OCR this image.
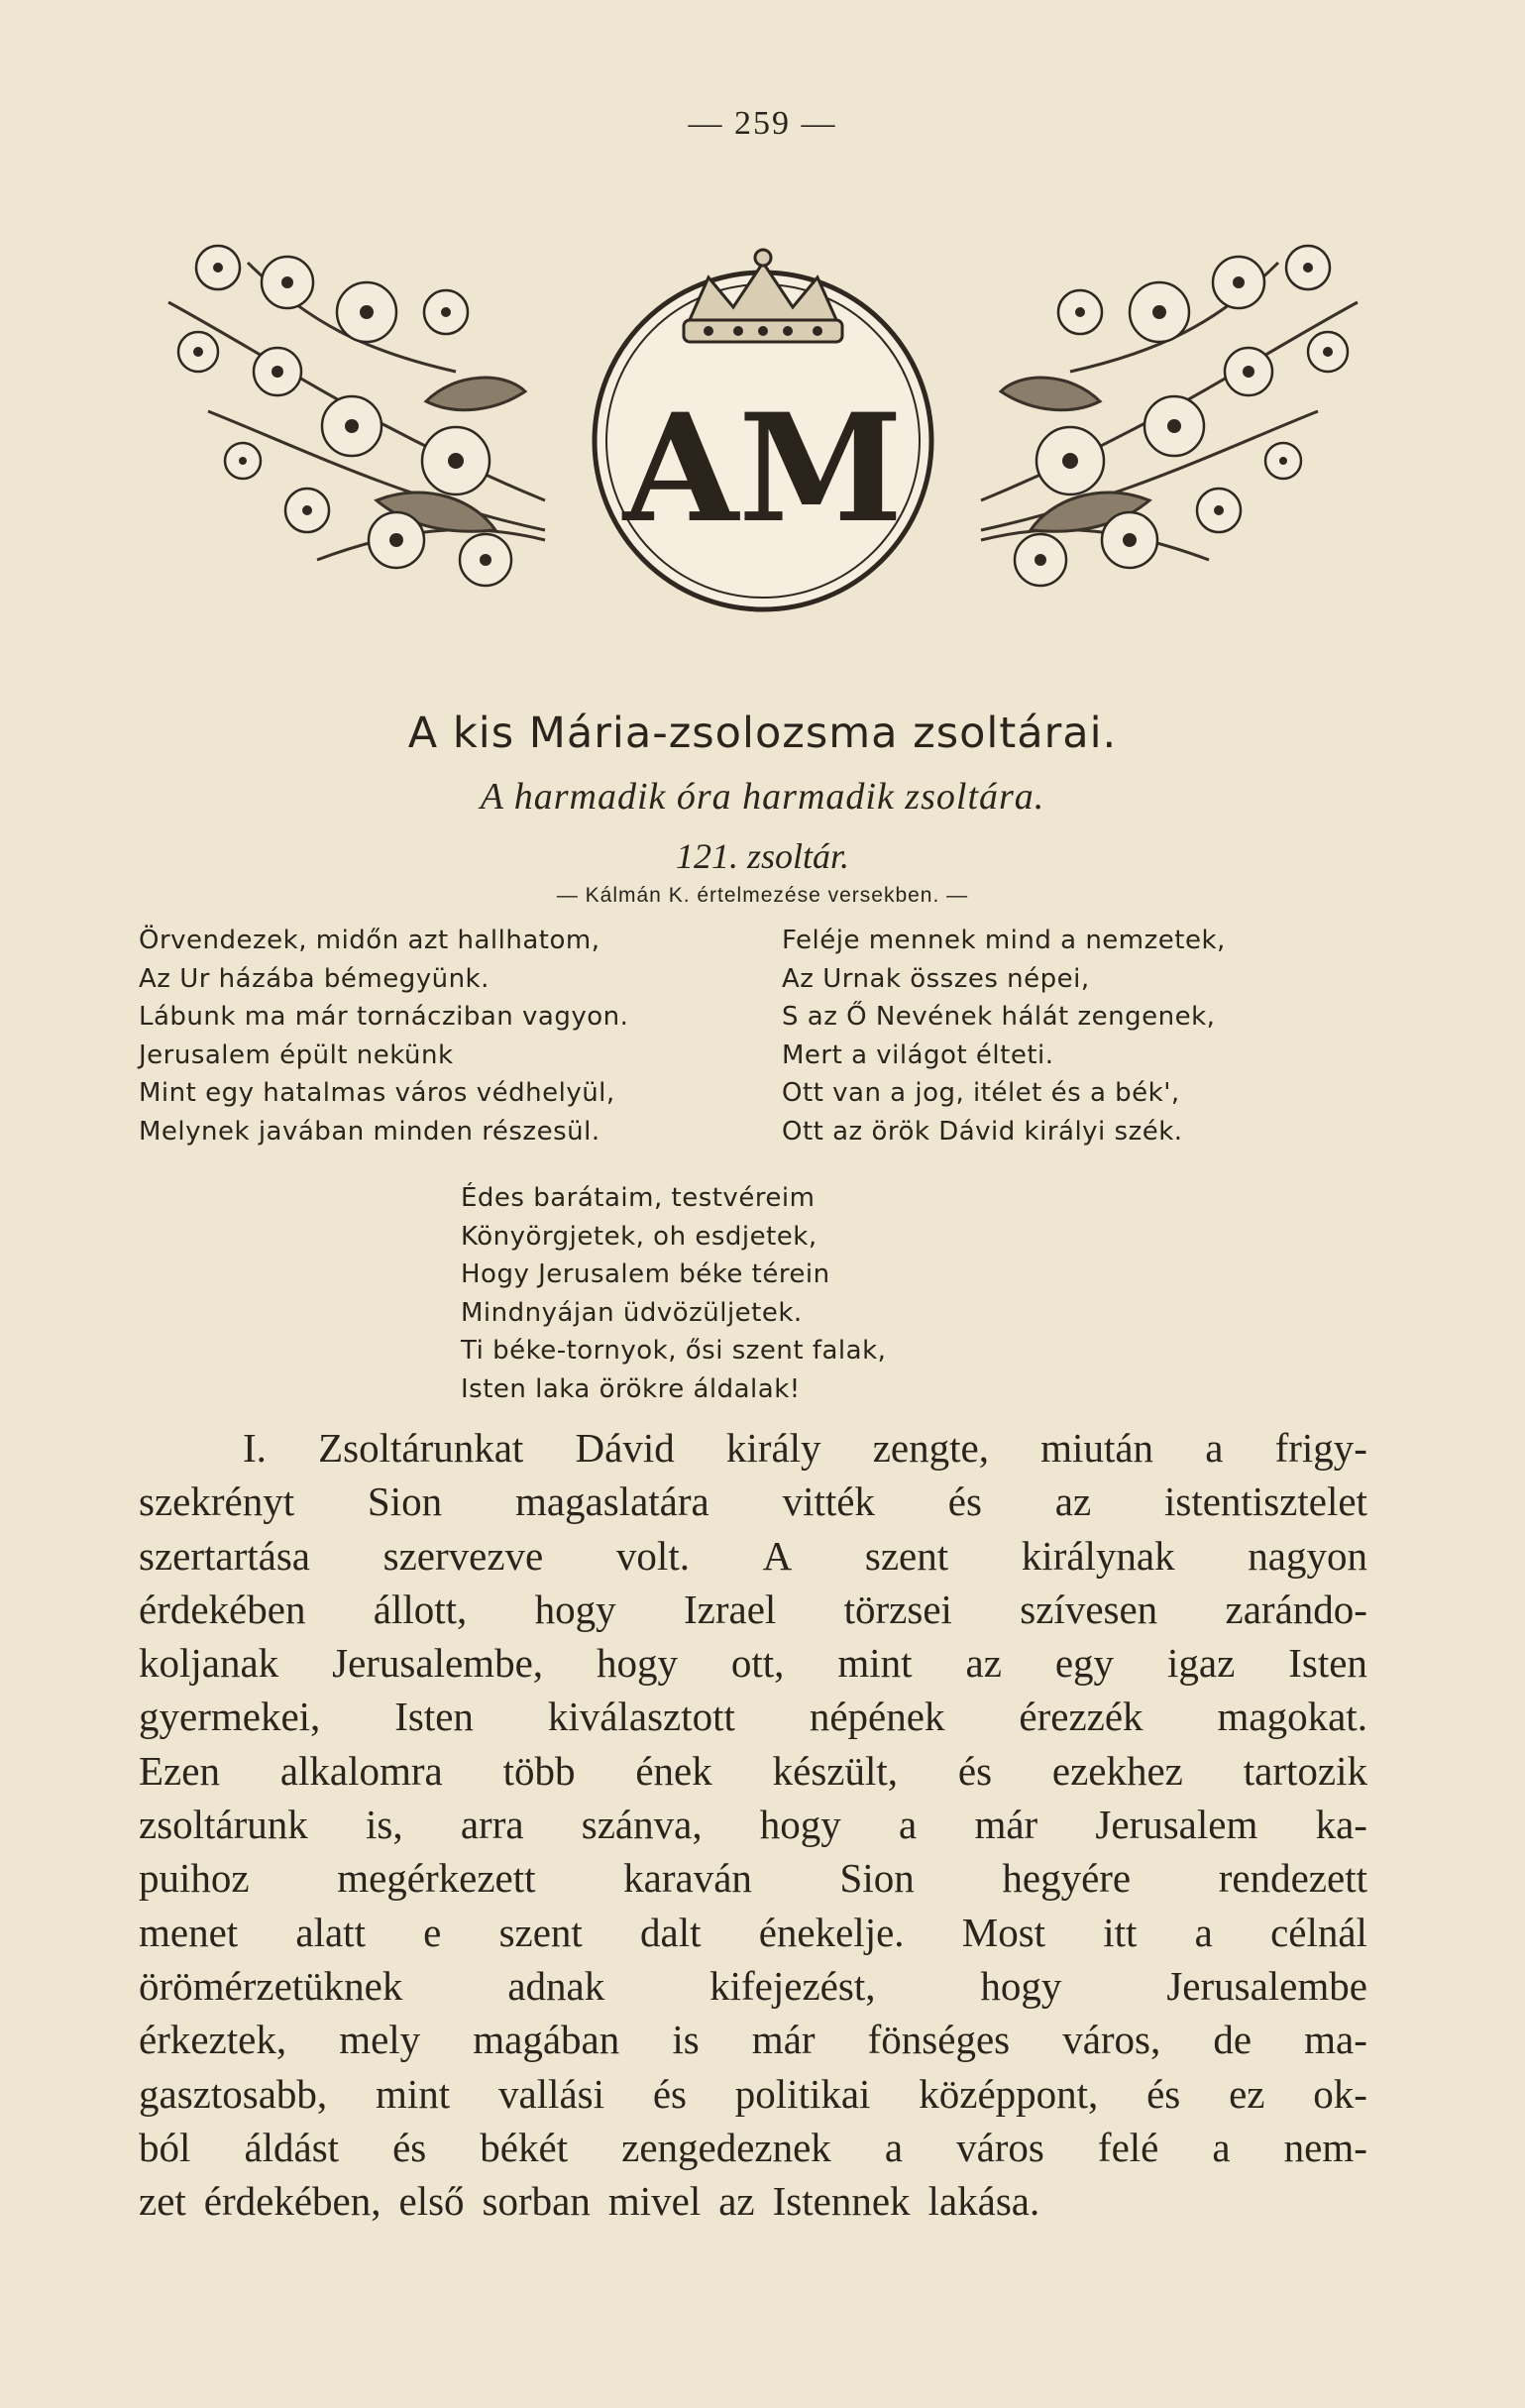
— 259 —
AM
A kis Mária-zsolozsma zsoltárai.
A harmadik óra harmadik zsoltára.
121. zsoltár.
— Kálmán K. értelmezése versekben. —
Örvendezek, midőn azt hallhatom,
Az Ur házába bémegyünk.
Lábunk ma már tornácziban vagyon.
Jerusalem épült nekünk
Mint egy hatalmas város védhelyül,
Melynek javában minden részesül.
Feléje mennek mind a nemzetek,
Az Urnak összes népei,
S az Ő Nevének hálát zengenek,
Mert a világot élteti.
Ott van a jog, itélet és a bék',
Ott az örök Dávid királyi szék.
Édes barátaim, testvéreim
Könyörgjetek, oh esdjetek,
Hogy Jerusalem béke térein
Mindnyájan üdvözüljetek.
Ti béke-tornyok, ősi szent falak,
Isten laka örökre áldalak!
I. Zsoltárunkat Dávid király zengte, miután a frigy-
szekrényt Sion magaslatára vitték és az istentisztelet
szertartása szervezve volt. A szent királynak nagyon
érdekében állott, hogy Izrael törzsei szívesen zarándo-
koljanak Jerusalembe, hogy ott, mint az egy igaz Isten
gyermekei, Isten kiválasztott népének érezzék magokat.
Ezen alkalomra több ének készült, és ezekhez tartozik
zsoltárunk is, arra szánva, hogy a már Jerusalem ka-
puihoz megérkezett karaván Sion hegyére rendezett
menet alatt e szent dalt énekelje. Most itt a célnál
örömérzetüknek	adnak	kifejezést,	hogy	Jerusalembe
érkeztek, mely magában is már fönséges város, de ma-
gasztosabb, mint vallási és politikai középpont, és ez ok-
ból áldást és békét zengedeznek a város felé a nem-
zet érdekében, első sorban mivel az Istennek lakása.
